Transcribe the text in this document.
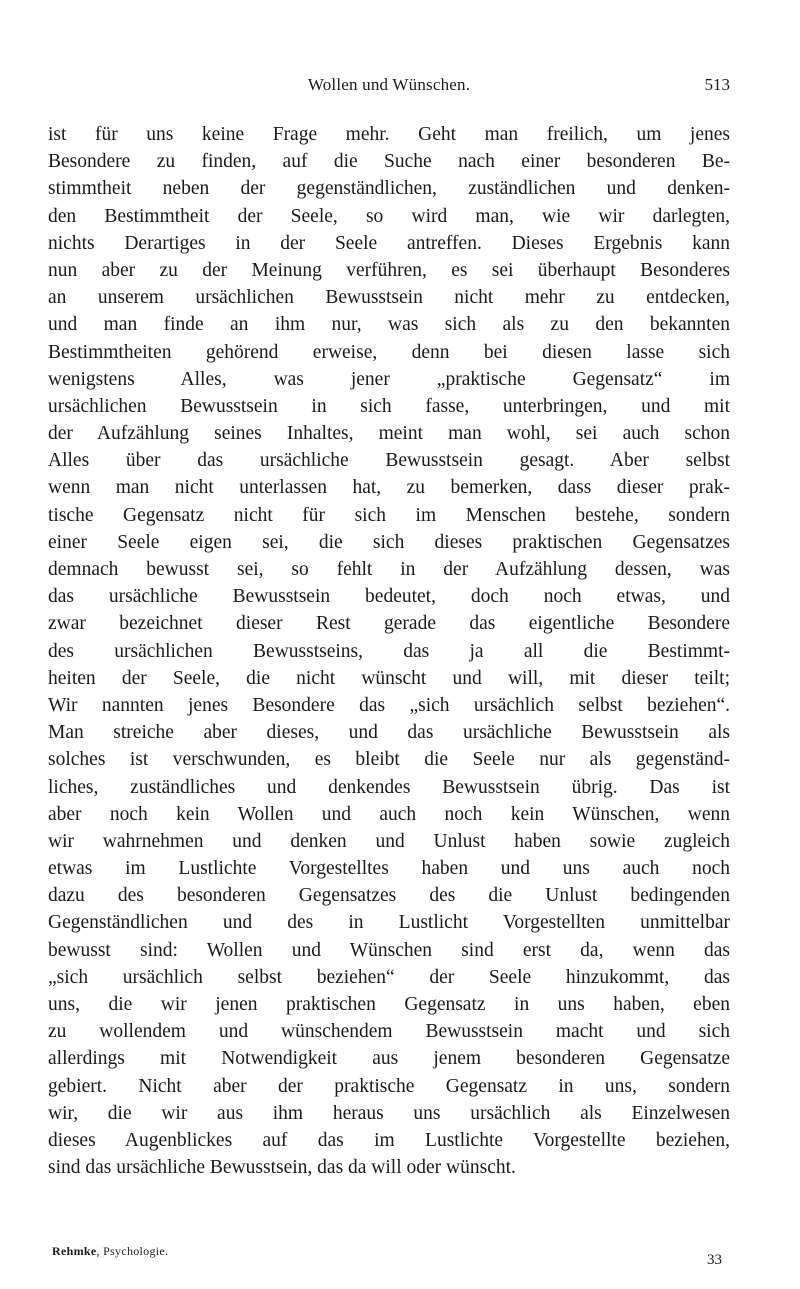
Wollen und Wünschen.	513
ist für uns keine Frage mehr. Geht man freilich, um jenes
Besondere zu finden, auf die Suche nach einer besonderen Be-
stimmtheit neben der gegenständlichen, zuständlichen und denken-
den Bestimmtheit der Seele, so wird man, wie wir darlegten,
nichts Derartiges in der Seele antreffen. Dieses Ergebnis kann
nun aber zu der Meinung verführen, es sei überhaupt Besonderes
an unserem ursächlichen Bewusstsein nicht mehr zu entdecken,
und man finde an ihm nur, was sich als zu den bekannten
Bestimmtheiten gehörend erweise, denn bei diesen lasse sich
wenigstens Alles, was jener „praktische Gegensatz“ im
ursächlichen Bewusstsein in sich fasse, unterbringen, und mit
der Aufzählung seines Inhaltes, meint man wohl, sei auch schon
Alles über das ursächliche Bewusstsein gesagt. Aber selbst
wenn man nicht unterlassen hat, zu bemerken, dass dieser prak-
tische Gegensatz nicht für sich im Menschen bestehe, sondern
einer Seele eigen sei, die sich dieses praktischen Gegensatzes
demnach bewusst sei, so fehlt in der Aufzählung dessen, was
das ursächliche Bewusstsein bedeutet, doch noch etwas, und
zwar bezeichnet dieser Rest gerade das eigentliche Besondere
des ursächlichen Bewusstseins, das ja all die Bestimmt-
heiten der Seele, die nicht wünscht und will, mit dieser teilt;
Wir nannten jenes Besondere das „sich ursächlich selbst beziehen“.
Man streiche aber dieses, und das ursächliche Bewusstsein als
solches ist verschwunden, es bleibt die Seele nur als gegenständ-
liches, zuständliches und denkendes Bewusstsein übrig. Das ist
aber noch kein Wollen und auch noch kein Wünschen, wenn
wir wahrnehmen und denken und Unlust haben sowie zugleich
etwas im Lustlichte Vorgestelltes haben und uns auch noch
dazu des besonderen Gegensatzes des die Unlust bedingenden
Gegenständlichen und des in Lustlicht Vorgestellten unmittelbar
bewusst sind: Wollen und Wünschen sind erst da, wenn das
„sich ursächlich selbst beziehen“ der Seele hinzukommt, das
uns, die wir jenen praktischen Gegensatz in uns haben, eben
zu wollendem und wünschendem Bewusstsein macht und sich
allerdings mit Notwendigkeit aus jenem besonderen Gegensatze
gebiert. Nicht aber der praktische Gegensatz in uns, sondern
wir, die wir aus ihm heraus uns ursächlich als Einzelwesen
dieses Augenblickes auf das im Lustlichte Vorgestellte beziehen,
sind das ursächliche Bewusstsein, das da will oder wünscht.
Rehmke, Psychologie.
33
